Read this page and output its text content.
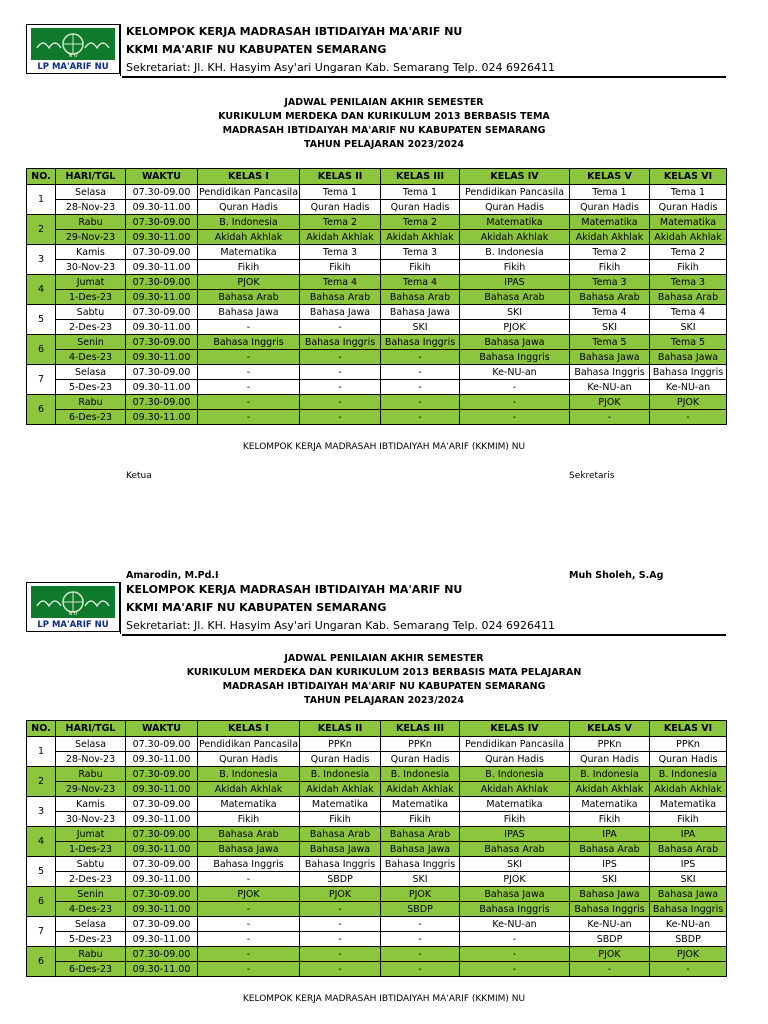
N U
LP MA'ARIF NU
KELOMPOK KERJA MADRASAH IBTIDAIYAH MA'ARIF NU
KKMI MA'ARIF NU KABUPATEN SEMARANG
Sekretariat: Jl. KH. Hasyim Asy'ari Ungaran Kab. Semarang Telp. 024 6926411
JADWAL PENILAIAN AKHIR SEMESTER
KURIKULUM MERDEKA DAN KURIKULUM 2013 BERBASIS TEMA
MADRASAH IBTIDAIYAH MA'ARIF NU KABUPATEN SEMARANG
TAHUN PELAJARAN 2023/2024
NO.	HARI/TGL	WAKTU	KELAS I	KELAS II	KELAS III	KELAS IV	KELAS V	KELAS VI
1	Selasa	07.30-09.00	Pendidikan Pancasila	Tema 1	Tema 1	Pendidikan Pancasila	Tema 1	Tema 1
	28-Nov-23	09.30-11.00	Quran Hadis	Quran Hadis	Quran Hadis	Quran Hadis	Quran Hadis	Quran Hadis
2	Rabu	07.30-09.00	B. Indonesia	Tema 2	Tema 2	Matematika	Matematika	Matematika
	29-Nov-23	09.30-11.00	Akidah Akhlak	Akidah Akhlak	Akidah Akhlak	Akidah Akhlak	Akidah Akhlak	Akidah Akhlak
3	Kamis	07.30-09.00	Matematika	Tema 3	Tema 3	B. Indonesia	Tema 2	Tema 2
	30-Nov-23	09.30-11.00	Fikih	Fikih	Fikih	Fikih	Fikih	Fikih
4	Jumat	07.30-09.00	PJOK	Tema 4	Tema 4	IPAS	Tema 3	Tema 3
	1-Des-23	09.30-11.00	Bahasa Arab	Bahasa Arab	Bahasa Arab	Bahasa Arab	Bahasa Arab	Bahasa Arab
5	Sabtu	07.30-09.00	Bahasa Jawa	Bahasa Jawa	Bahasa Jawa	SKI	Tema 4	Tema 4
	2-Des-23	09.30-11.00	-	-	SKI	PJOK	SKI	SKI
6	Senin	07.30-09.00	Bahasa Inggris	Bahasa Inggris	Bahasa Inggris	Bahasa Jawa	Tema 5	Tema 5
	4-Des-23	09.30-11.00	-	-	-	Bahasa Inggris	Bahasa Jawa	Bahasa Jawa
7	Selasa	07.30-09.00	-	-	-	Ke-NU-an	Bahasa Inggris	Bahasa Inggris
	5-Des-23	09.30-11.00	-	-	-	-	Ke-NU-an	Ke-NU-an
6	Rabu	07.30-09.00	-	-	-	-	PJOK	PJOK
	6-Des-23	09.30-11.00	-	-	-	-	-	-
KELOMPOK KERJA MADRASAH IBTIDAIYAH MA'ARIF (KKMIM) NU
Ketua	Sekretaris
Amarodin, M.Pd.I	Muh Sholeh, S.Ag
N U
LP MA'ARIF NU
KELOMPOK KERJA MADRASAH IBTIDAIYAH MA'ARIF NU
KKMI MA'ARIF NU KABUPATEN SEMARANG
Sekretariat: Jl. KH. Hasyim Asy'ari Ungaran Kab. Semarang Telp. 024 6926411
JADWAL PENILAIAN AKHIR SEMESTER
KURIKULUM MERDEKA DAN KURIKULUM 2013 BERBASIS MATA PELAJARAN
MADRASAH IBTIDAIYAH MA'ARIF NU KABUPATEN SEMARANG
TAHUN PELAJARAN 2023/2024
NO.	HARI/TGL	WAKTU	KELAS I	KELAS II	KELAS III	KELAS IV	KELAS V	KELAS VI
1	Selasa	07.30-09.00	Pendidikan Pancasila	PPKn	PPKn	Pendidikan Pancasila	PPKn	PPKn
	28-Nov-23	09.30-11.00	Quran Hadis	Quran Hadis	Quran Hadis	Quran Hadis	Quran Hadis	Quran Hadis
2	Rabu	07.30-09.00	B. Indonesia	B. Indonesia	B. Indonesia	B. Indonesia	B. Indonesia	B. Indonesia
	29-Nov-23	09.30-11.00	Akidah Akhlak	Akidah Akhlak	Akidah Akhlak	Akidah Akhlak	Akidah Akhlak	Akidah Akhlak
3	Kamis	07.30-09.00	Matematika	Matematika	Matematika	Matematika	Matematika	Matematika
	30-Nov-23	09.30-11.00	Fikih	Fikih	Fikih	Fikih	Fikih	Fikih
4	Jumat	07.30-09.00	Bahasa Arab	Bahasa Arab	Bahasa Arab	IPAS	IPA	IPA
	1-Des-23	09.30-11.00	Bahasa Jawa	Bahasa Jawa	Bahasa Jawa	Bahasa Arab	Bahasa Arab	Bahasa Arab
5	Sabtu	07.30-09.00	Bahasa Inggris	Bahasa Inggris	Bahasa Inggris	SKI	IPS	IPS
	2-Des-23	09.30-11.00	-	SBDP	SKI	PJOK	SKI	SKI
6	Senin	07.30-09.00	PJOK	PJOK	PJOK	Bahasa Jawa	Bahasa Jawa	Bahasa Jawa
	4-Des-23	09.30-11.00	-	-	SBDP	Bahasa Inggris	Bahasa Inggris	Bahasa Inggris
7	Selasa	07.30-09.00	-	-	-	Ke-NU-an	Ke-NU-an	Ke-NU-an
	5-Des-23	09.30-11.00	-	-	-	-	SBDP	SBDP
6	Rabu	07.30-09.00	-	-	-	-	PJOK	PJOK
	6-Des-23	09.30-11.00	-	-	-	-	-	-
KELOMPOK KERJA MADRASAH IBTIDAIYAH MA'ARIF (KKMIM) NU
